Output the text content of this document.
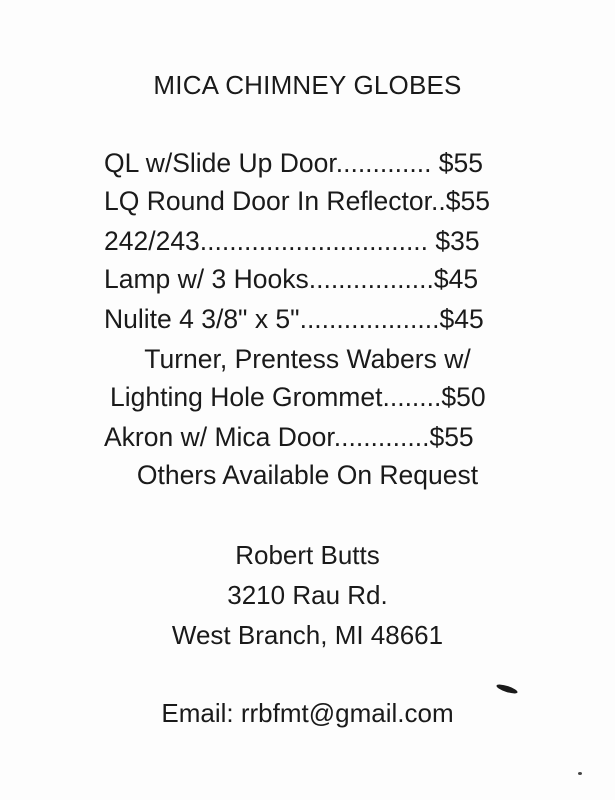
MICA CHIMNEY GLOBES
QL w/Slide Up Door............. $55
LQ Round Door In Reflector..$55
242/243............................... $35
Lamp w/ 3 Hooks.................$45
Nulite 4 3/8" x 5"...................$45
Turner, Prentess Wabers w/
Lighting Hole Grommet........$50
Akron w/ Mica Door.............$55
Others Available On Request
Robert Butts
3210 Rau Rd.
West Branch, MI 48661
Email: rrbfmt@gmail.com
